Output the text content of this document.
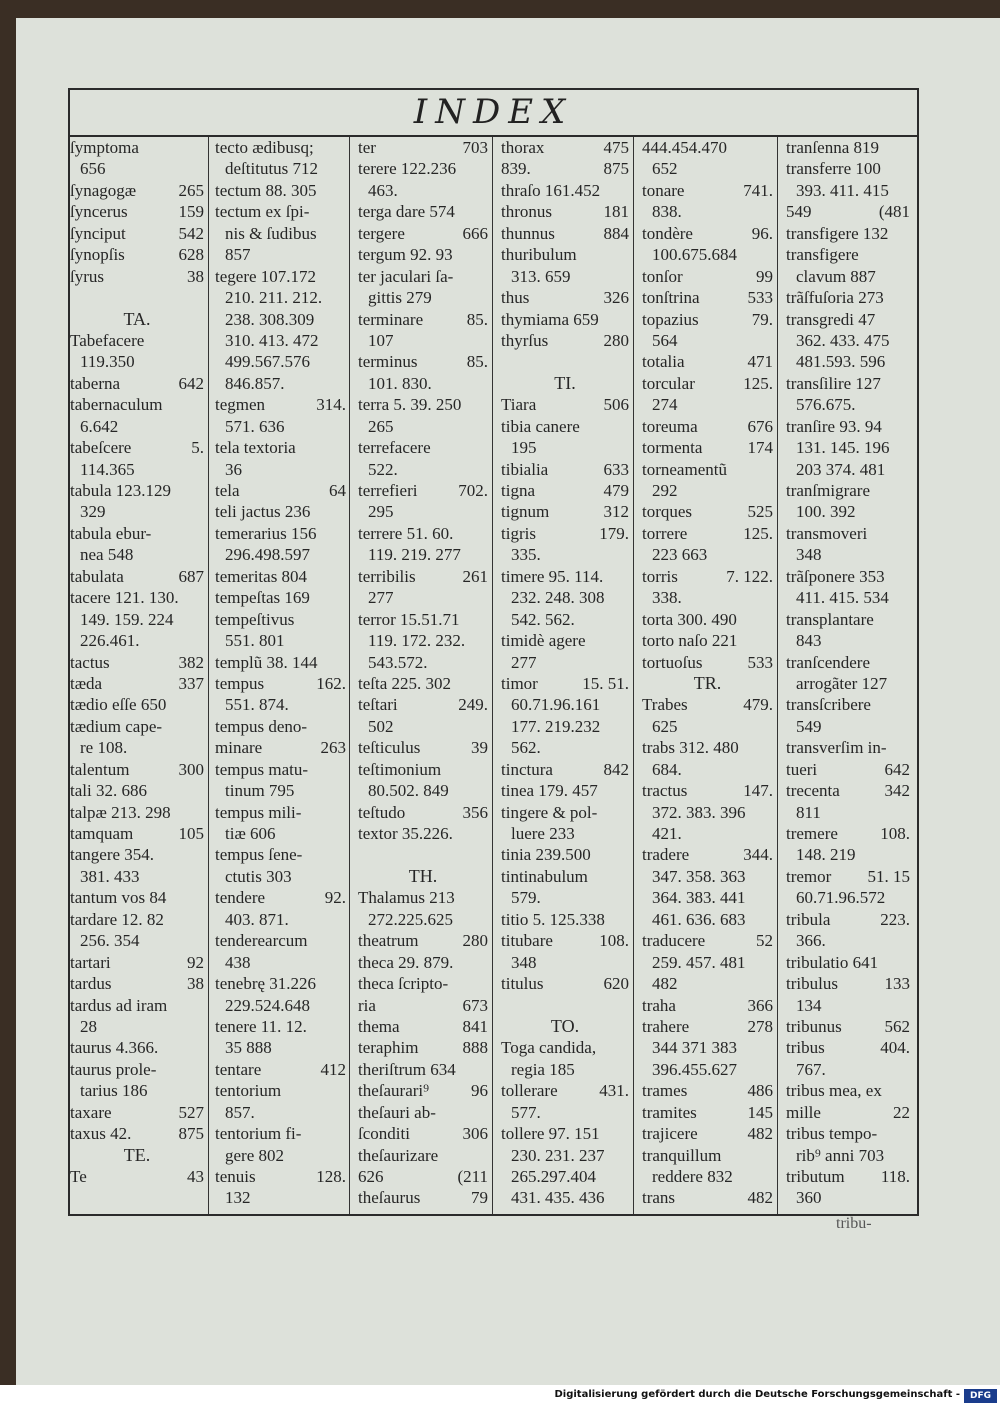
INDEX
ſymptoma
656
ſynagogæ 265
ſyncerus	159
ſynciput	542
ſynopſis	628
ſyrus	38
TA.
Tabefacere
119.350
taberna	642
tabernaculum
6.642
tabeſcere	5.
114.365
tabula 123.129
329
tabula ebur-
nea 548
tabulata	687
tacere 121. 130.
149. 159. 224
226.461.
tactus	382
tæda	337
tædio eſſe 650
tædium cape-
re 108.
talentum	300
tali 32. 686
talpæ 213. 298
tamquam	105
tangere 354.
381. 433
tantum vos 84
tardare 12. 82
256. 354
tartari	92
tardus	38
tardus ad iram
28
taurus 4.366.
taurus prole-
tarius 186
taxare	527
taxus 42.	875
TE.
Te	43
tecto ædibusq;
deſtitutus 712
tectum 88. 305
tectum ex ſpi-
nis & ſudibus
857
tegere 107.172
210. 211. 212.
238. 308.309
310. 413. 472
499.567.576
846.857.
tegmen	314.
571. 636
tela textoria
36
tela	64
teli jactus 236
temerarius 156
296.498.597
temeritas 804
tempeſtas 169
tempeſtivus
551. 801
templũ 38. 144
tempus	162.
551. 874.
tempus deno-
minare	263
tempus matu-
tinum 795
tempus mili-
tiæ 606
tempus ſene-
ctutis 303
tendere	92.
403. 871.
tenderearcum
438
tenebrę 31.226
229.524.648
tenere 11. 12.
35 888
tentare	412
tentorium
857.
tentorium fi-
gere 802
tenuis	128.
132
ter	703
terere 122.236
463.
terga dare 574
tergere	666
tergum 92. 93
ter jaculari ſa-
gittis 279
terminare	85.
107
terminus	85.
101. 830.
terra 5. 39. 250
265
terrefacere
522.
terrefieri 702.
295
terrere 51. 60.
119. 219. 277
terribilis	261
277
terror 15.51.71
119. 172. 232.
543.572.
teſta 225. 302
teſtari	249.
502
teſticulus	39
teſtimonium
80.502. 849
teſtudo	356
textor 35.226.
TH.
Thalamus 213
272.225.625
theatrum	280
theca 29. 879.
theca ſcripto-
ria	673
thema	841
teraphim	888
theriſtrum 634
theſaurari⁹ 96
theſauri ab-
ſconditi	306
theſaurizare
626	(211
theſaurus	79
thorax	475
839.	875
thraſo 161.452
thronus	181
thunnus	884
thuribulum
313. 659
thus	326
thymiama 659
thyrſus	280
TI.
Tiara	506
tibia canere
195
tibialia	633
tigna	479
tignum	312
tigris	179.
335.
timere 95. 114.
232. 248. 308
542. 562.
timidè agere
277
timor	15. 51.
60.71.96.161
177. 219.232
562.
tinctura	842
tinea 179. 457
tingere & pol-
luere 233
tinia 239.500
tintinabulum
579.
titio 5. 125.338
titubare	108.
348
titulus	620
TO.
Toga candida,
regia 185
tollerare 431.
577.
tollere 97. 151
230. 231. 237
265.297.404
431. 435. 436
444.454.470
652
tonare	741.
838.
tondère	96.
100.675.684
tonſor	99
tonſtrina	533
topazius	79.
564
totalia	471
torcular	125.
274
toreuma	676
tormenta	174
torneamentũ
292
torques	525
torrere	125.
223 663
torris	7. 122.
338.
torta 300. 490
torto naſo 221
tortuoſus	533
TR.
Trabes	479.
625
trabs 312. 480
684.
tractus	147.
372. 383. 396
421.
tradere	344.
347. 358. 363
364. 383. 441
461. 636. 683
traducere	52
259. 457. 481
482
traha	366
trahere	278
344 371 383
396.455.627
trames	486
tramites	145
trajicere	482
tranquillum
reddere 832
trans	482
tranſenna 819
transferre 100
393. 411. 415
549	(481
transfigere 132
transfigere
clavum 887
trãſfuſoria 273
transgredi 47
362. 433. 475
481.593. 596
transſilire 127
576.675.
tranſire 93. 94
131. 145. 196
203 374. 481
tranſmigrare
100. 392
transmoveri
348
trãſponere 353
411. 415. 534
transplantare
843
tranſcendere
arrogãter 127
transſcribere
549
transverſim in-
tueri	642
trecenta	342
811
tremere 108.
148. 219
tremor 51. 15
60.71.96.572
tribula	223.
366.
tribulatio 641
tribulus	133
134
tribunus	562
tribus	404.
767.
tribus mea, ex
mille	22
tribus tempo-
rib⁹ anni 703
tributum 118.
360
tribu-
Digitalisierung gefördert durch die Deutsche Forschungsgemeinschaft -	DFG
